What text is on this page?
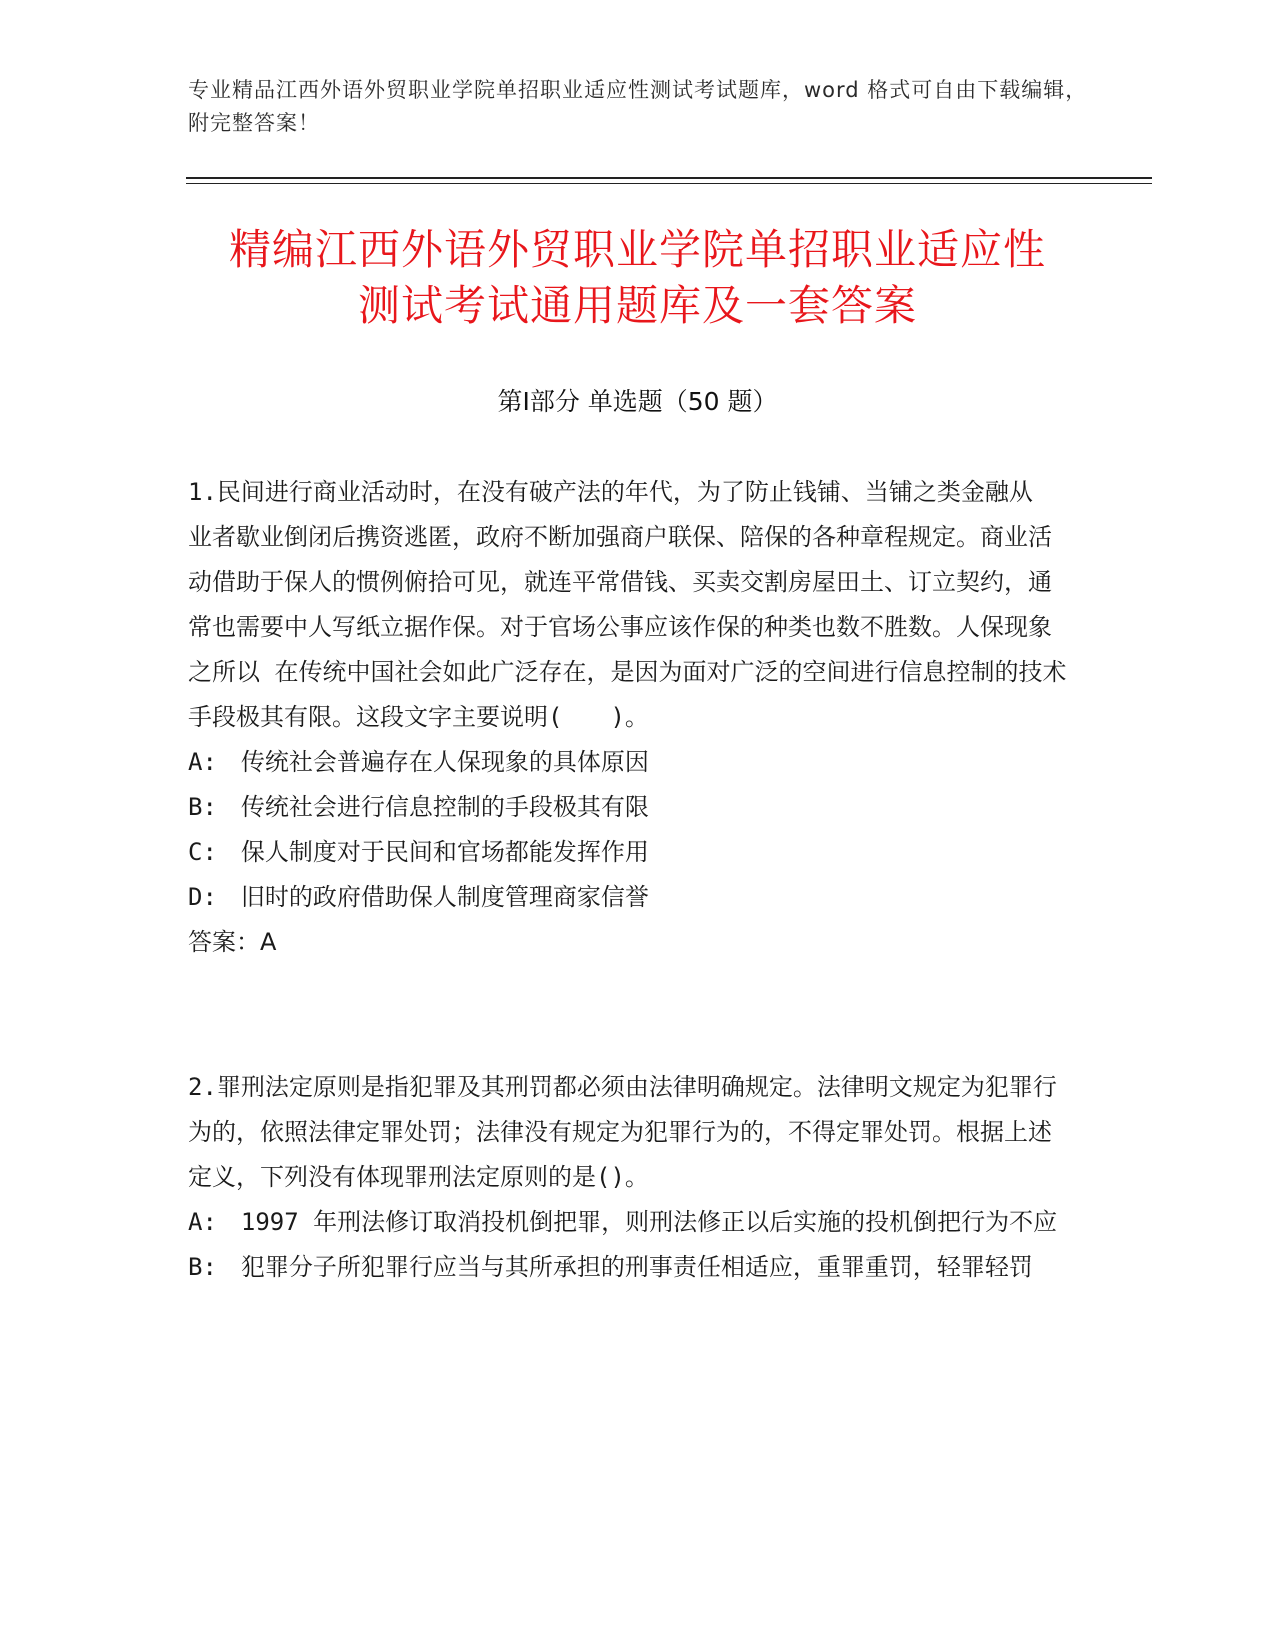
专业精品江西外语外贸职业学院单招职业适应性测试考试题库，word 格式可自由下载编辑，附完整答案！
精编江西外语外贸职业学院单招职业适应性
测试考试通用题库及一套答案
第Ⅰ部分 单选题（50 题）

1.民间进行商业活动时，在没有破产法的年代，为了防止钱铺、当铺之类金融从 业者歇业倒闭后携资逃匿，政府不断加强商户联保、陪保的各种章程规定。商业活动借助于保人的惯例俯拾可见，就连平常借钱、买卖交割房屋田土、订立契约，通常也需要中人写纸立据作保。对于官场公事应该作保的种类也数不胜数。人保现象之所以 在传统中国社会如此广泛存在，是因为面对广泛的空间进行信息控制的技术手段极其有限。这段文字主要说明(　　)。

A:　传统社会普遍存在人保现象的具体原因

B:　传统社会进行信息控制的手段极其有限

C:　保人制度对于民间和官场都能发挥作用

D:　旧时的政府借助保人制度管理商家信誉

答案：A

2.罪刑法定原则是指犯罪及其刑罚都必须由法律明确规定。法律明文规定为犯罪行为的，依照法律定罪处罚；法律没有规定为犯罪行为的，不得定罪处罚。根据上述定义，下列没有体现罪刑法定原则的是()。

A:　1997 年刑法修订取消投机倒把罪，则刑法修正以后实施的投机倒把行为不应

B:　犯罪分子所犯罪行应当与其所承担的刑事责任相适应，重罪重罚，轻罪轻罚
